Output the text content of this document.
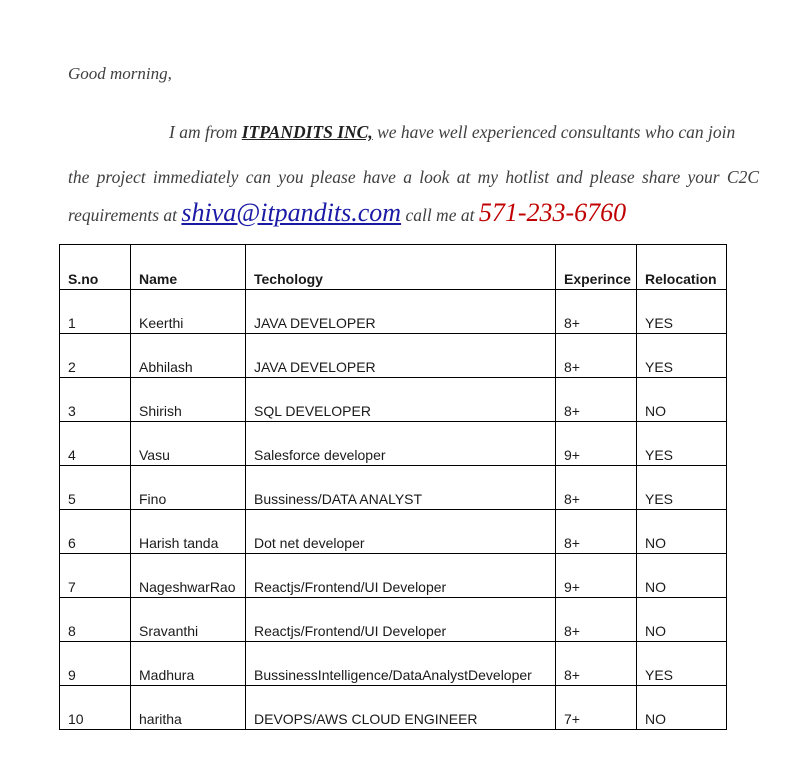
Good morning,
I am from ITPANDITS INC, we have well experienced consultants who can join
the project immediately can you please have a look at my hotlist and please share your C2C
requirements at shiva@itpandits.com call me at 571-233-6760
S.no	Name	Techology	Experince	Relocation

1	Keerthi	JAVA DEVELOPER	8+	YES

2	Abhilash	JAVA DEVELOPER	8+	YES

3	Shirish	SQL DEVELOPER	8+	NO

4	Vasu	Salesforce developer	9+	YES

5	Fino	Bussiness/DATA ANALYST	8+	YES

6	Harish tanda	Dot net developer	8+	NO

7	NageshwarRao	Reactjs/Frontend/UI Developer	9+	NO

8	Sravanthi	Reactjs/Frontend/UI Developer	8+	NO

9	Madhura	BussinessIntelligence/DataAnalystDeveloper	8+	YES

10	haritha	DEVOPS/AWS CLOUD ENGINEER	7+	NO
